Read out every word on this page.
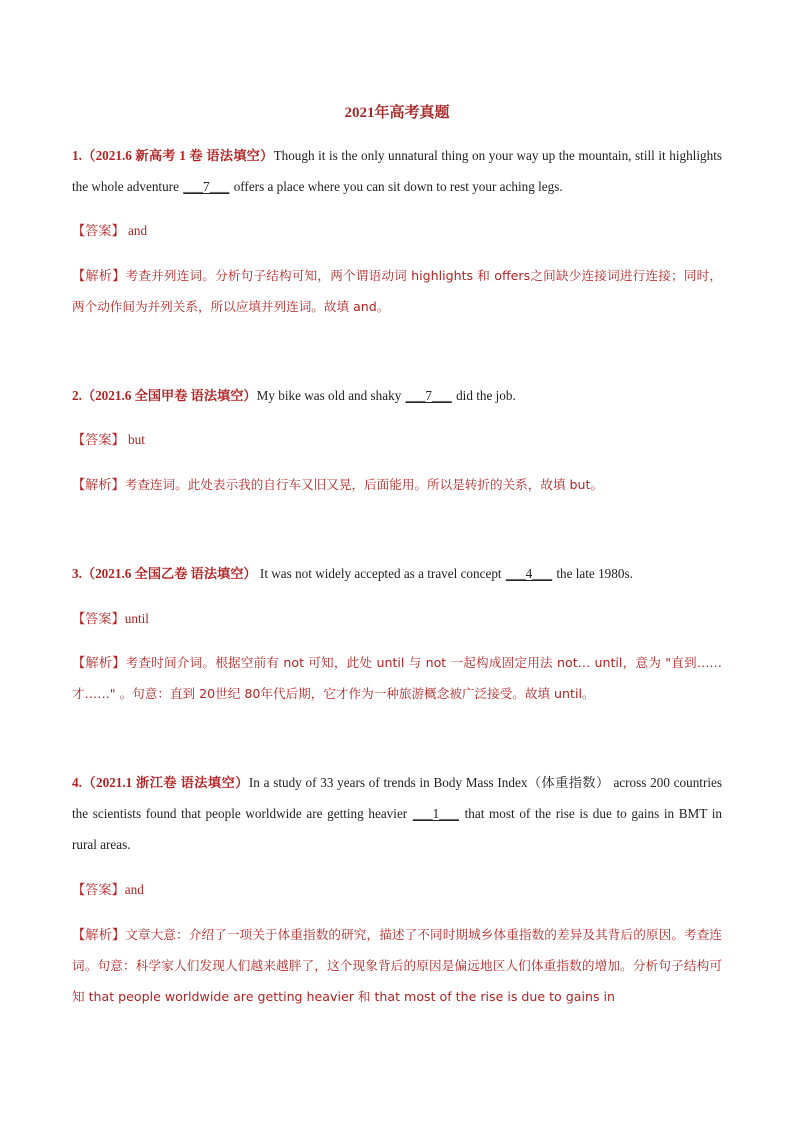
2021年高考真题

1.（2021.6 新高考 1 卷 语法填空）Though it is the only unnatural thing on your way up the mountain, still it highlights the whole adventure ___7___ offers a place where you can sit down to rest your aching legs.

【答案】 and

【解析】考查并列连词。分析句子结构可知，两个谓语动词 highlights 和 offers之间缺少连接词进行连接；同时，两个动作间为并列关系，所以应填并列连词。故填 and。

2.（2021.6 全国甲卷 语法填空）My bike was old and shaky ___7___ did the job.

【答案】 but

【解析】考查连词。此处表示我的自行车又旧又晃，后面能用。所以是转折的关系，故填 but。

3.（2021.6 全国乙卷 语法填空） It was not widely accepted as a travel concept ___4___ the late 1980s.

【答案】until

【解析】考查时间介词。根据空前有 not 可知，此处 until 与 not 一起构成固定用法 not… until，意为 "直到……才……" 。句意：直到 20世纪 80年代后期，它才作为一种旅游概念被广泛接受。故填 until。

4.（2021.1 浙江卷 语法填空）In a study of 33 years of trends in Body Mass Index（体重指数） across 200 countries the scientists found that people worldwide are getting heavier ___1___ that most of the rise is due to gains in BMT in rural areas.

【答案】and

【解析】文章大意：介绍了一项关于体重指数的研究，描述了不同时期城乡体重指数的差异及其背后的原因。考查连词。句意：科学家人们发现人们越来越胖了，这个现象背后的原因是偏远地区人们体重指数的增加。分析句子结构可知 that people worldwide are getting heavier 和 that most of the rise is due to gains in
